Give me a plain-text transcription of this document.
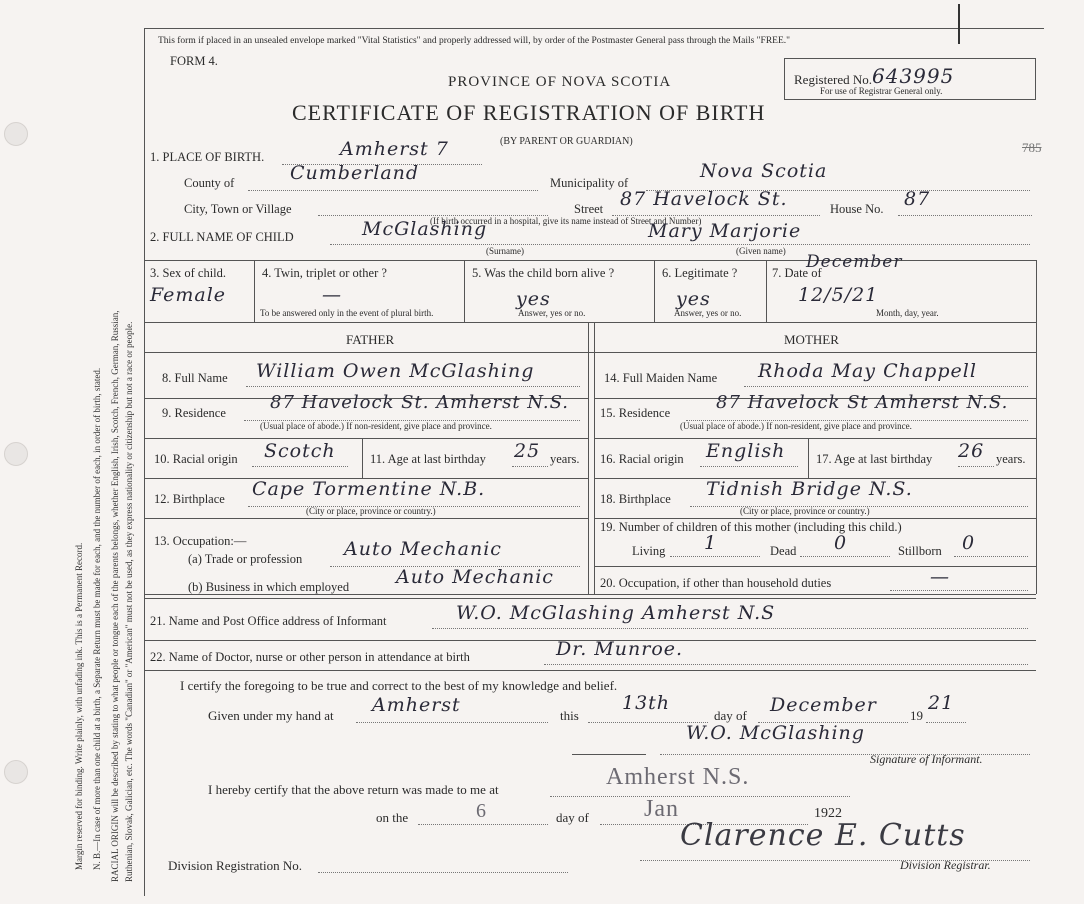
Margin reserved for binding. Write plainly, with unfading ink. This is a Permanent Record. N. B.—In case of more than one child at a birth, a Separate Return must be made for each, and the number of each, in order of birth, stated. RACIAL ORIGIN will be described by stating to what people or tongue each of the parents belongs, whether English, Irish, Scotch, French, German, Russian, Ruthenian, Slovak, Galician, etc. The words "Canadian" or "American" must not be used, as they express nationality or citizenship but not a race or people.
This form if placed in an unsealed envelope marked "Vital Statistics" and properly addressed will, by order of the Postmaster General pass through the Mails "FREE."
FORM 4.
PROVINCE OF NOVA SCOTIA
CERTIFICATE OF REGISTRATION OF BIRTH
(BY PARENT OR GUARDIAN)
Registered No. 643995
For use of Registrar General only.
785
1. PLACE OF BIRTH.	Amherst 7
County of	Cumberland	Municipality of
Nova Scotia
City, Town or Village	Street 87 Havelock St.	House No. 87
(If birth occurred in a hospital, give its name instead of Street and Number)
2. FULL NAME OF CHILD	McGlashing	Mary Marjorie
(Surname)	(Given name)
3. Sex of child.
Female
4. Twin, triplet or other ?
—
To be answered only in the event of plural birth.
5. Was the child born alive ?
yes
Answer, yes or no.
6. Legitimate ?
yes
Answer, yes or no.
7. Date of
December
12/5/21
Month, day, year.
FATHER	MOTHER
8. Full Name William Owen McGlashing
9. Residence 87 Havelock St. Amherst N.S.
(Usual place of abode.) If non-resident, give place and province.
10. Racial origin Scotch	11. Age at last birthday 25 years.
12. Birthplace Cape Tormentine N.B.
(City or place, province or country.)
13. Occupation:—
(a) Trade or profession Auto Mechanic
(b) Business in which employed Auto Mechanic
14. Full Maiden Name Rhoda May Chappell
15. Residence	87 Havelock St Amherst N.S.
(Usual place of abode.) If non-resident, give place and province.
16. Racial origin English 17. Age at last birthday 26 years.
18. Birthplace Tidnish Bridge N.S.
(City or place, province or country.)
19. Number of children of this mother (including this child.)
Living 1	Dead 0	Stillborn 0
20. Occupation, if other than household duties	—
21. Name and Post Office address of Informant	W.O. McGlashing Amherst N.S
22. Name of Doctor, nurse or other person in attendance at birth	Dr. Munroe.
I certify the foregoing to be true and correct to the best of my knowledge and belief.
Given under my hand at Amherst	this
13th
day of December	19
21
W.O. McGlashing
Signature of Informant.
I hereby certify that the above return was made to me at	Amherst N.S.
on the	6	day of Jan	1922
Division Registration No.
Clarence E. Cutts
Division Registrar.
